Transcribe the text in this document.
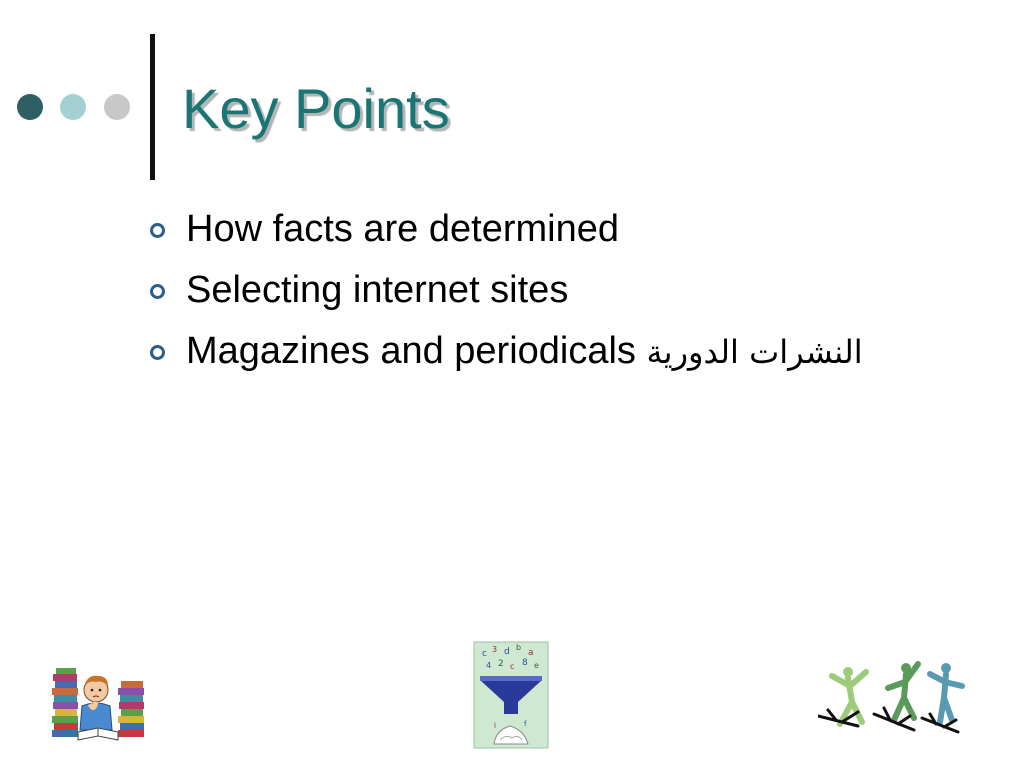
Key Points
How facts are determined
Selecting internet sites
Magazines and periodicals النشرات الدورية
c 3 d b
a
4 2 c 8 e
l	f
